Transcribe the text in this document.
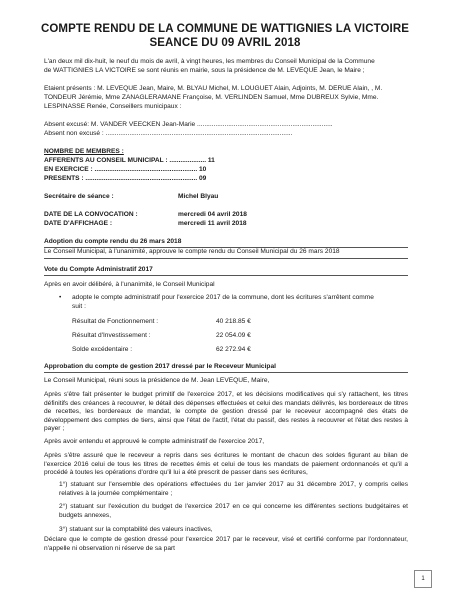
COMPTE RENDU DE LA COMMUNE DE WATTIGNIES LA VICTOIRE
SEANCE DU 09 AVRIL 2018
L'an deux mil dix-huit, le neuf du mois de avril, à vingt heures, les membres du Conseil Municipal de la Commune
de WATTIGNIES LA VICTOIRE se sont réunis en mairie, sous la présidence de M. LEVEQUE Jean, le Maire ;
Etaient présents : M. LEVEQUE Jean, Maire, M. BLYAU Michel, M. LOUGUET Alain, Adjoints, M. DERUE Alain, , M.
TONDEUR Jérémie, Mme ZANAGLERAMANE Françoise, M. VERLINDEN Samuel, Mme DUBREUX Sylvie, Mme.
LESPINASSE Renée, Conseillers municipaux :
Absent excusé: M. VANDER VEECKEN Jean-Marie ..........................................................................
Absent non excusé : ......................................................................................................
NOMBRE DE MEMBRES :
AFFERENTS AU CONSEIL MUNICIPAL : .................... 11
EN EXERCICE : ........................................................ 10
PRESENTS : ............................................................. 09
Secrétaire de séance :	Michel Blyau
DATE DE LA CONVOCATION :	mercredi 04 avril 2018
DATE D'AFFICHAGE :	mercredi 11 avril 2018
Adoption du compte rendu du 26 mars 2018
Le Conseil Municipal, à l'unanimité, approuve le compte rendu du Conseil Municipal du 26 mars 2018
Vote du Compte Administratif 2017
Après en avoir délibéré, à l'unanimité, le Conseil Municipal
• adopte le compte administratif pour l'exercice 2017 de la commune, dont les écritures s'arrêtent comme
suit :
Résultat de Fonctionnement :	40 218.85 €
Résultat d'Investissement :	22 054.09 €
Solde excédentaire :	62 272.94 €
Approbation du compte de gestion 2017 dressé par le Receveur Municipal
Le Conseil Municipal, réuni sous la présidence de M. Jean LEVEQUE, Maire,
Après s'être fait présenter le budget primitif de l'exercice 2017, et les décisions modificatives qui s'y rattachent, les titres définitifs des créances à recouvrer, le détail des dépenses effectuées et celui des mandats délivrés, les bordereaux de titres de recettes, les bordereaux de mandat, le compte de gestion dressé par le receveur accompagné des états de développement des comptes de tiers, ainsi que l'état de l'actif, l'état du passif, des restes à recouvrer et l'état des restes à payer ;
Après avoir entendu et approuvé le compte administratif de l'exercice 2017,
Après s'être assuré que le receveur a repris dans ses écritures le montant de chacun des soldes figurant au bilan de l'exercice 2016 celui de tous les titres de recettes émis et celui de tous les mandats de paiement ordonnancés et qu'il a procédé à toutes les opérations d'ordre qu'il lui a été prescrit de passer dans ses écritures,
1°) statuant sur l'ensemble des opérations effectuées du 1er janvier 2017 au 31 décembre 2017, y compris celles relatives à la journée complémentaire ;
2°) statuant sur l'exécution du budget de l'exercice 2017 en ce qui concerne les différentes sections budgétaires et budgets annexes,
3°) statuant sur la comptabilité des valeurs inactives,
Déclare que le compte de gestion dressé pour l'exercice 2017 par le receveur, visé et certifié conforme par l'ordonnateur, n'appelle ni observation ni réserve de sa part
1
